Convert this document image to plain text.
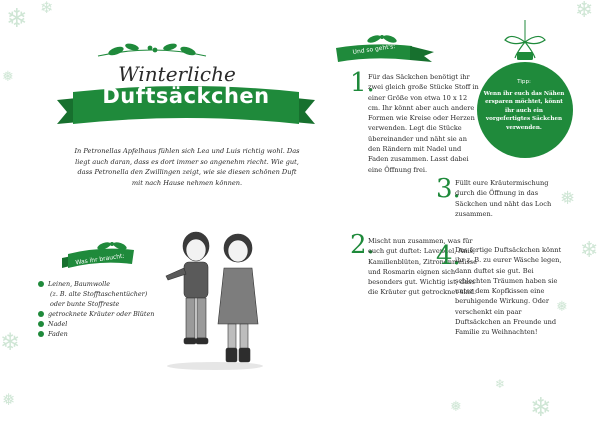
❄ ❄
❅
❄
❅
❄
❅
❄
❅
❄
❅
❄
Winterliche
Duftsäckchen
In Petronellas Apfelhaus fühlen sich Lea und Luis richtig wohl. Das liegt auch daran, dass es dort immer so angenehm riecht. Wie gut, dass Petronella den Zwillingen zeigt, wie sie diesen schönen Duft mit nach Hause nehmen können.
Was ihr braucht:
Leinen, Baumwolle
(z. B. alte Stofftaschentücher)
oder bunte Stoffreste
getrocknete Kräuter oder Blüten
Nadel
Faden
Und so geht's:
1.
Für das Säckchen benötigt ihr zwei gleich große Stücke Stoff in einer Größe von etwa 10 x 12 cm. Ihr könnt aber auch andere Formen wie Kreise oder Herzen verwenden. Legt die Stücke übereinander und näht sie an den Rändern mit Nadel und Faden zusammen. Lasst dabei eine Öffnung frei.
2.
Mischt nun zusammen, was für euch gut duftet: Lavendel, Anis, Kamillenblüten, Zitronenmelisse und Rosmarin eignen sich besonders gut. Wichtig ist, dass die Kräuter gut getrocknet sind.
3.
Füllt eure Kräutermischung durch die Öffnung in das Säckchen und näht das Loch zusammen.
4.
Das fertige Duftsäckchen könnt ihr z. B. zu eurer Wäsche legen, dann duftet sie gut. Bei schlechten Träumen haben sie unter dem Kopfkissen eine beruhigende Wirkung. Oder verschenkt ein paar Duftsäckchen an Freunde und Familie zu Weihnachten!
Tipp:
Wenn ihr euch das Nähen ersparen möchtet, könnt ihr auch ein vorgefertigtes Säckchen verwenden.
